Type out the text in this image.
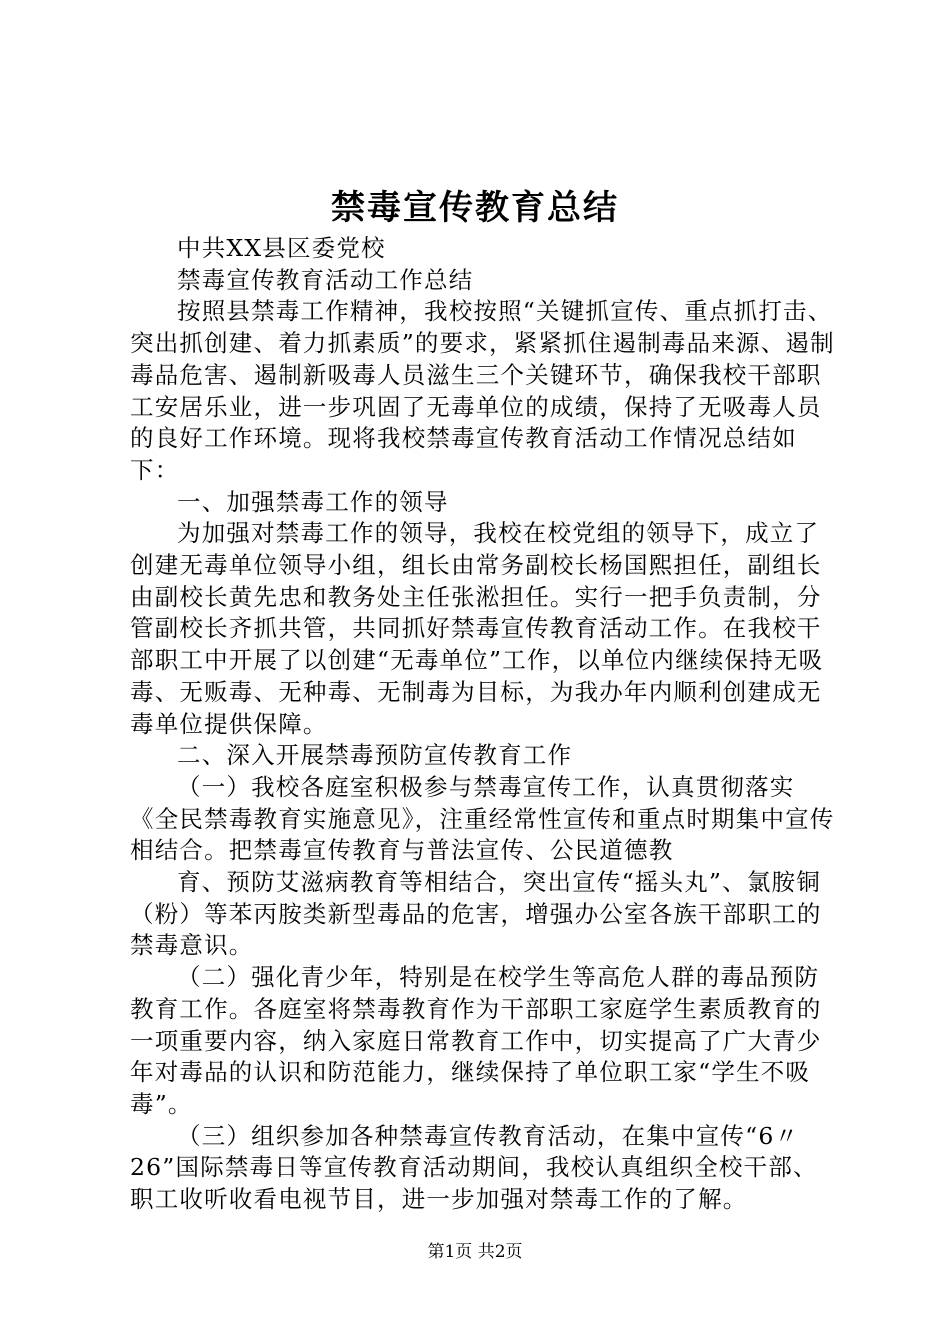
禁毒宣传教育总结

中共XX县区委党校

禁毒宣传教育活动工作总结

按照县禁毒工作精神，我校按照“关键抓宣传、重点抓打击、突出抓创建、着力抓素质”的要求，紧紧抓住遏制毒品来源、遏制毒品危害、遏制新吸毒人员滋生三个关键环节，确保我校干部职工安居乐业，进一步巩固了无毒单位的成绩，保持了无吸毒人员的良好工作环境。现将我校禁毒宣传教育活动工作情况总结如下：

一、加强禁毒工作的领导

为加强对禁毒工作的领导，我校在校党组的领导下，成立了创建无毒单位领导小组，组长由常务副校长杨国熙担任，副组长由副校长黄先忠和教务处主任张淞担任。实行一把手负责制，分管副校长齐抓共管，共同抓好禁毒宣传教育活动工作。在我校干部职工中开展了以创建“无毒单位”工作，以单位内继续保持无吸毒、无贩毒、无种毒、无制毒为目标，为我办年内顺利创建成无毒单位提供保障。

二、深入开展禁毒预防宣传教育工作

（一）我校各庭室积极参与禁毒宣传工作，认真贯彻落实《全民禁毒教育实施意见》，注重经常性宣传和重点时期集中宣传相结合。把禁毒宣传教育与普法宣传、公民道德教

育、预防艾滋病教育等相结合，突出宣传“摇头丸”、氯胺铜（粉）等苯丙胺类新型毒品的危害，增强办公室各族干部职工的禁毒意识。

（二）强化青少年，特别是在校学生等高危人群的毒品预防教育工作。各庭室将禁毒教育作为干部职工家庭学生素质教育的一项重要内容，纳入家庭日常教育工作中，切实提高了广大青少年对毒品的认识和防范能力，继续保持了单位职工家“学生不吸毒”。

（三）组织参加各种禁毒宣传教育活动，在集中宣传“6〃26”国际禁毒日等宣传教育活动期间，我校认真组织全校干部、职工收听收看电视节目，进一步加强对禁毒工作的了解。

第1页 共2页
